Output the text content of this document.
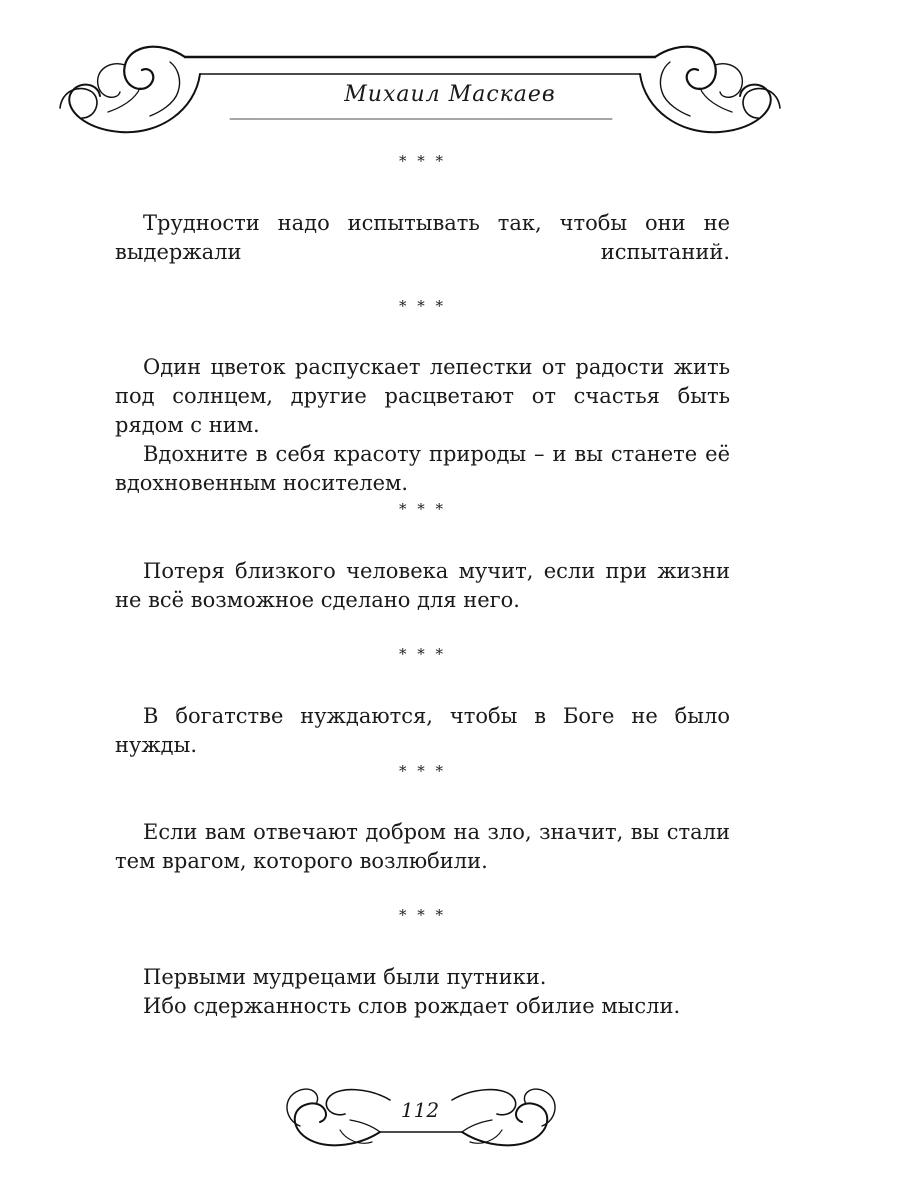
Михаил Маскаев
* * *

Трудности надо испытывать так, чтобы они не выдержали испытаний.

* * *

Один цветок распускает лепестки от радости жить под солнцем, другие расцветают от счастья быть рядом с ним.

Вдохните в себя красоту природы – и вы станете её вдохновенным носителем.

* * *

Потеря близкого человека мучит, если при жизни не всё возможное сделано для него.

* * *

В богатстве нуждаются, чтобы в Боге не было нужды.

* * *

Если вам отвечают добром на зло, значит, вы стали тем врагом, которого возлюбили.

* * *

Первыми мудрецами были путники.

Ибо сдержанность слов рождает обилие мысли.

112
